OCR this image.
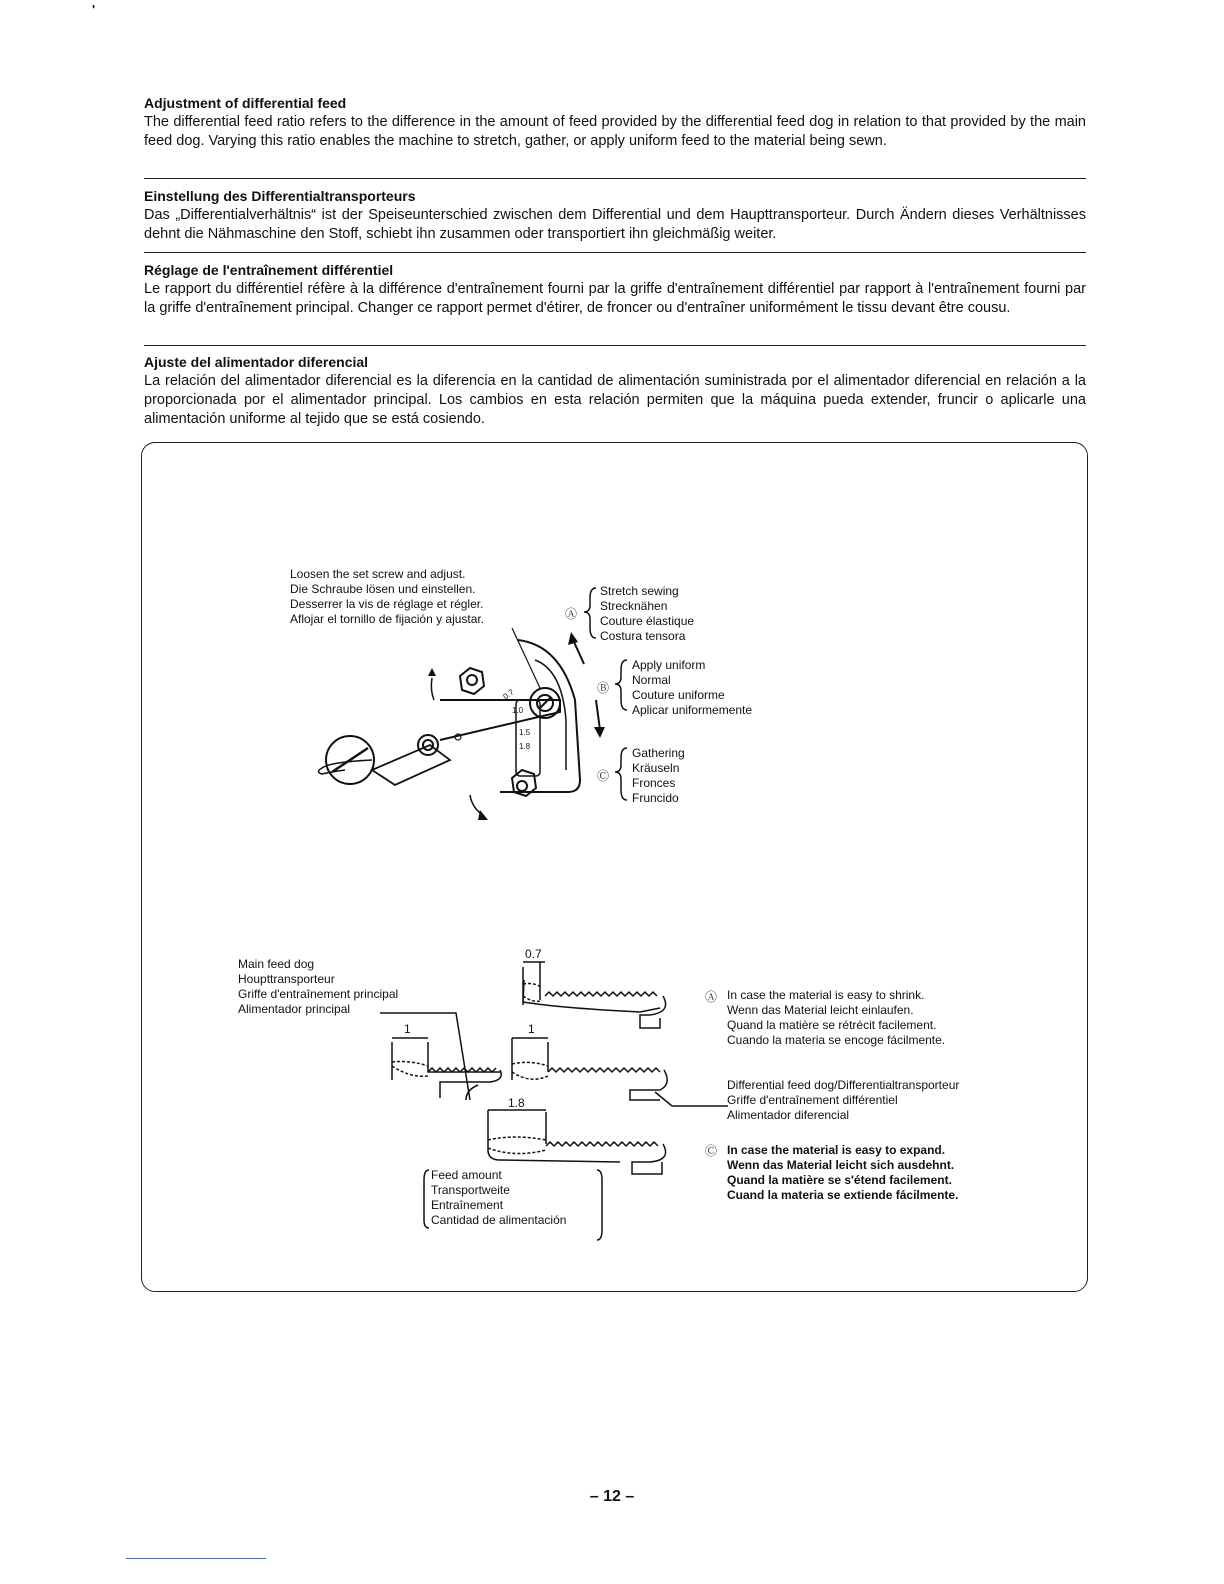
'
Adjustment of differential feed

The differential feed ratio refers to the difference in the amount of feed provided by the differential feed dog in relation to that provided by the main feed dog. Varying this ratio enables the machine to stretch, gather, or apply uniform feed to the material being sewn.

Einstellung des Differentialtransporteurs

Das „Differentialverhältnis“ ist der Speiseunterschied zwischen dem Differential und dem Haupttransporteur. Durch Ändern dieses Verhältnisses dehnt die Nähmaschine den Stoff, schiebt ihn zusammen oder transportiert ihn gleichmäßig weiter.

Réglage de l'entraînement différentiel

Le rapport du différentiel réfère à la différence d'entraînement fourni par la griffe d'entraînement différentiel par rapport à l'entraînement fourni par la griffe d'entraînement principal. Changer ce rapport permet d'étirer, de froncer ou d'entraîner uniformément le tissu devant être cousu.

Ajuste del alimentador diferencial

La relación del alimentador diferencial es la diferencia en la cantidad de alimentación suministrada por el alimentador diferencial en relación a la proporcionada por el alimentador principal. Los cambios en esta relación permiten que la máquina pueda extender, fruncir o aplicarle una alimentación uniforme al tejido que se está cosiendo.

Loosen the set screw and adjust.
Die Schraube lösen und einstellen.
Desserrer la vis de réglage et régler.
Aflojar el tornillo de fijación y ajustar.
0.7
1.0
1.5
1.8
Ⓐ
Stretch sewing
Strecknähen
Couture élastique
Costura tensora
Ⓑ
Apply uniform
Normal
Couture uniforme
Aplicar uniformemente
Ⓒ
Gathering
Kräuseln
Fronces
Fruncido
Main feed dog
Houpttransporteur
Griffe d'entraînement principal
Alimentador principal
1
0.7
1
1.8
Feed amount
Transportweite
Entraînement
Cantidad de alimentación
Ⓐ In case the material is easy to shrink.
Wenn das Material leicht einlaufen.
Quand la matière se rétrécit facilement.
Cuando la materia se encoge fácilmente.
Differential feed dog/Differentialtransporteur
Griffe d'entraînement différentiel
Alimentador diferencial
Ⓒ In case the material is easy to expand.
Wenn das Material leicht sich ausdehnt.
Quand la matière se s'étend facilement.
Cuand la materia se extiende fácilmente.
– 12 –
